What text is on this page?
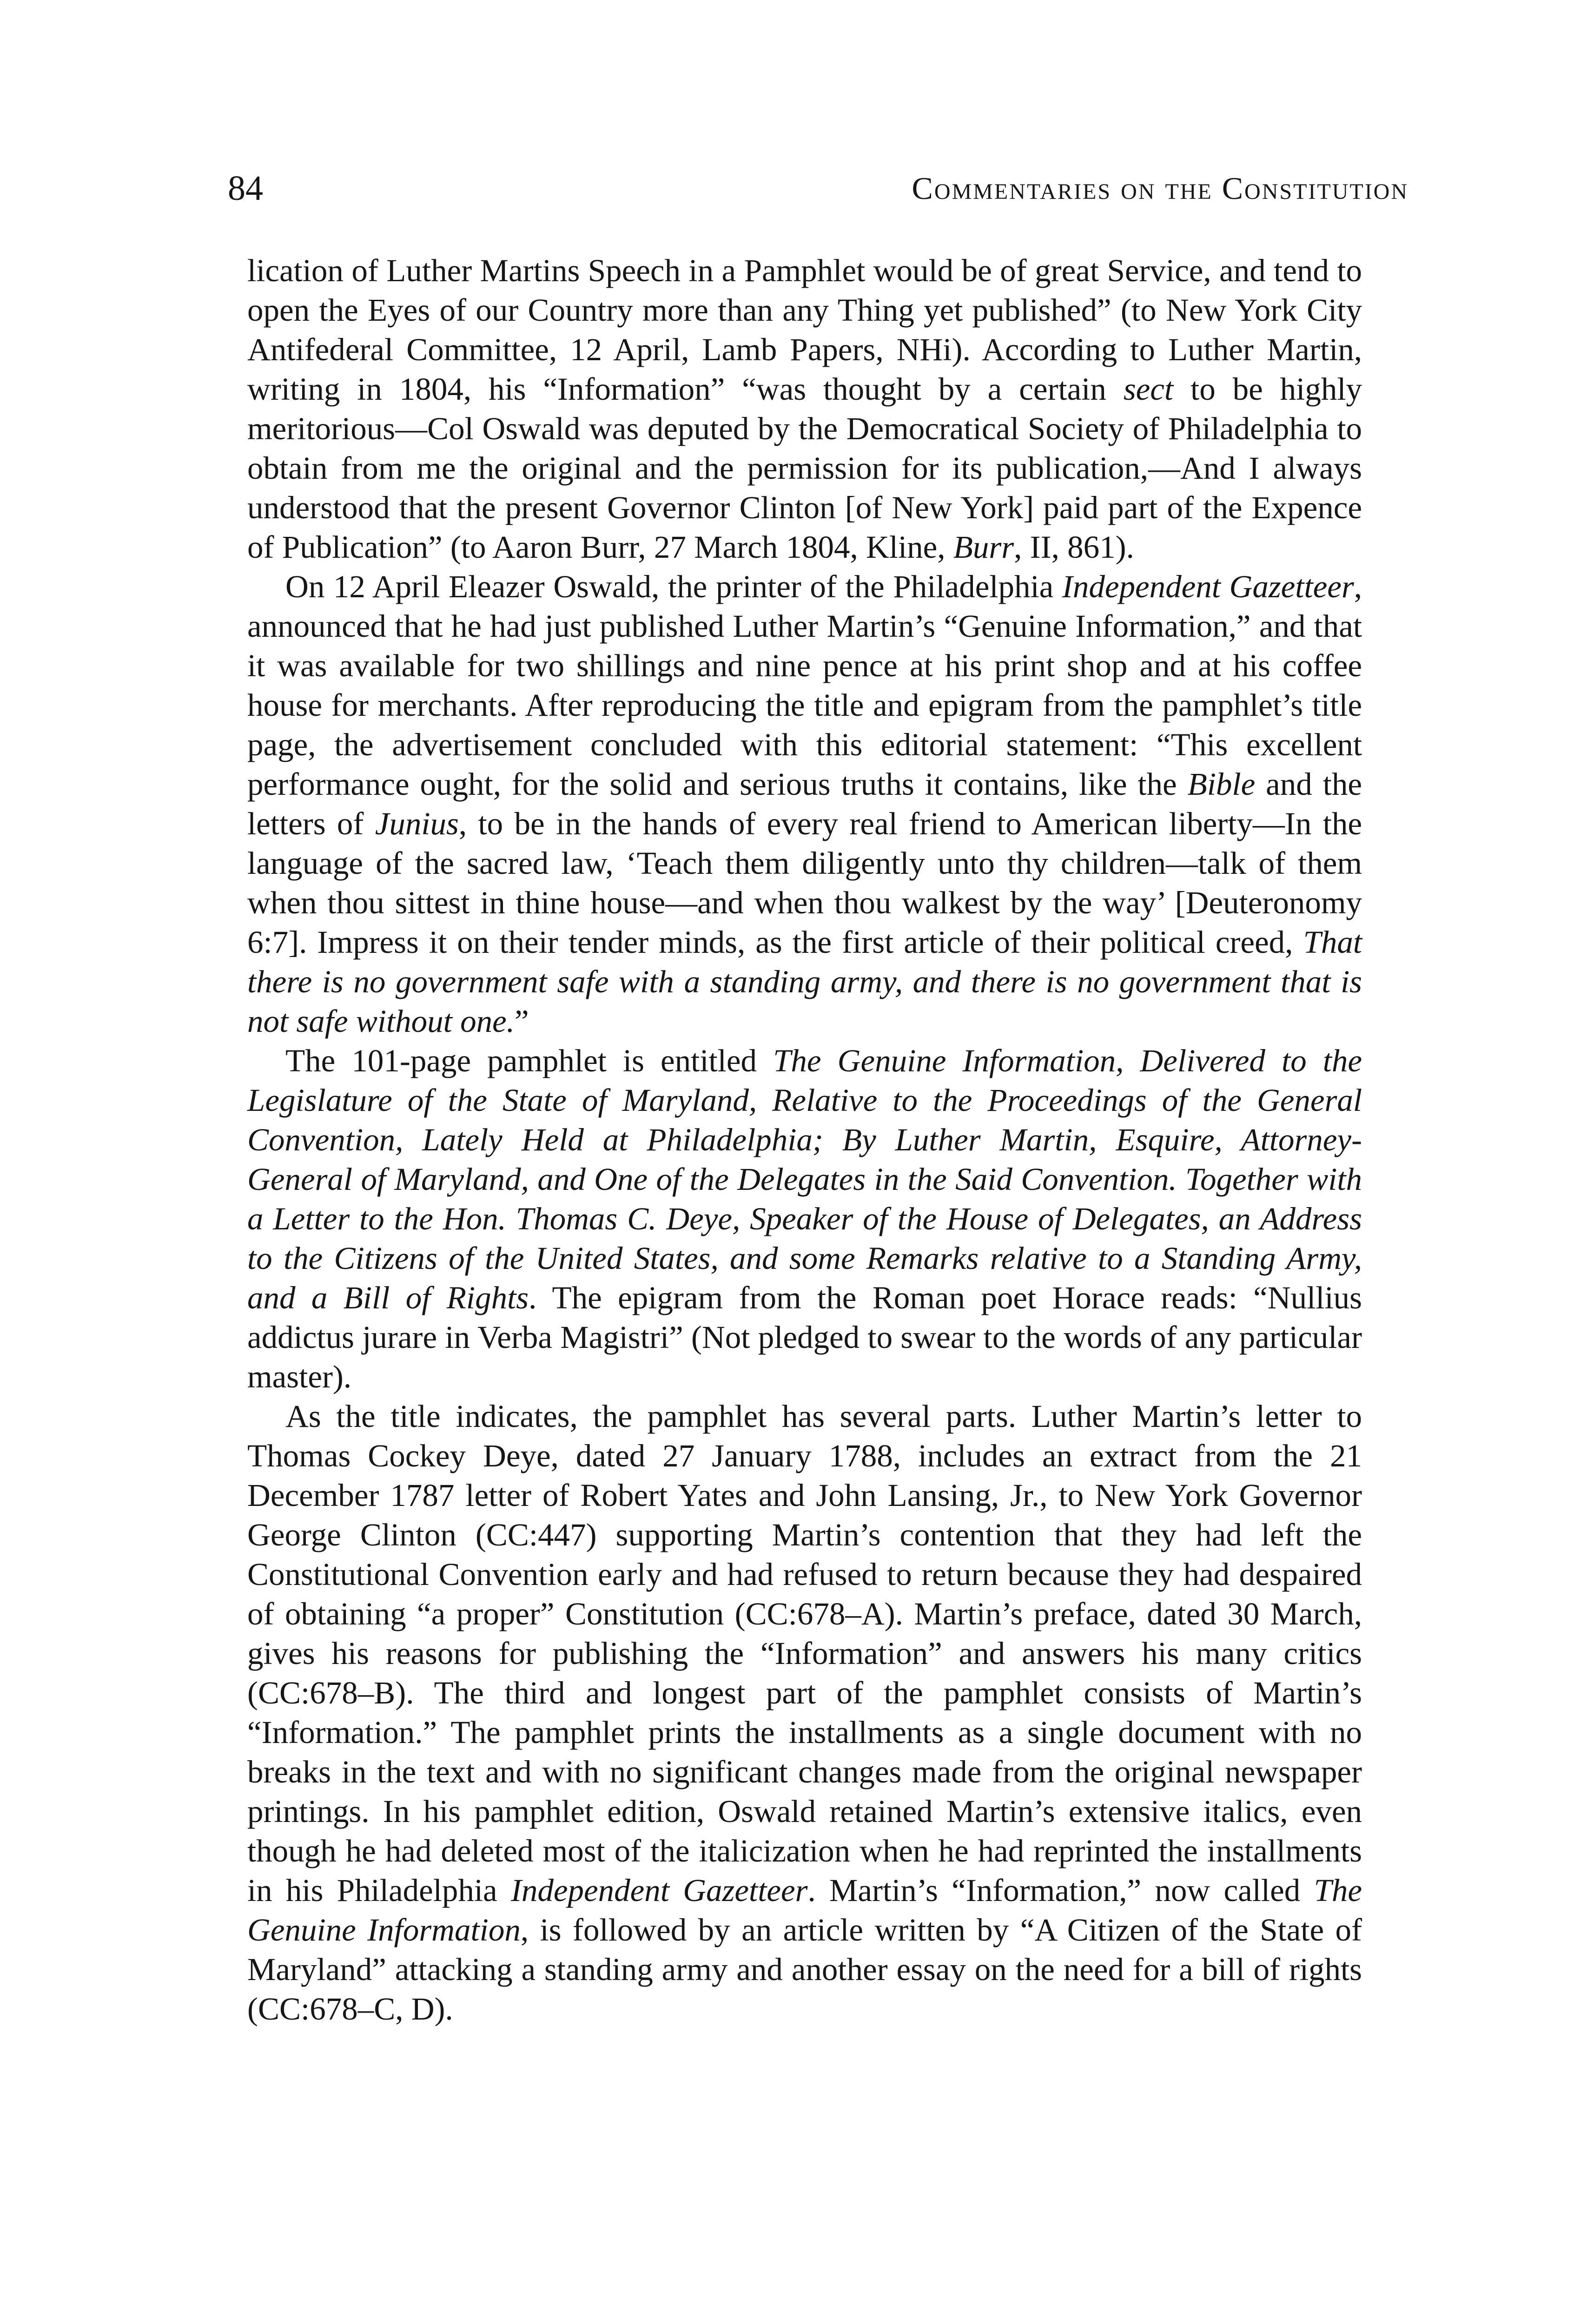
84	Commentaries on the Constitution

lication of Luther Martins Speech in a Pamphlet would be of great Service, and tend to open the Eyes of our Country more than any Thing yet published” (to New York City Antifederal Committee, 12 April, Lamb Papers, NHi). According to Luther Martin, writing in 1804, his “Information” “was thought by a certain sect to be highly meritorious—Col Oswald was deputed by the Democratical Society of Philadelphia to obtain from me the original and the permission for its publication,—And I always understood that the present Governor Clinton [of New York] paid part of the Expence of Publication” (to Aaron Burr, 27 March 1804, Kline, Burr, II, 861).

On 12 April Eleazer Oswald, the printer of the Philadelphia Independent Gazetteer, announced that he had just published Luther Martin’s “Genuine Information,” and that it was available for two shillings and nine pence at his print shop and at his coffee house for merchants. After reproducing the title and epigram from the pamphlet’s title page, the advertisement concluded with this editorial statement: “This excellent performance ought, for the solid and serious truths it contains, like the Bible and the letters of Junius, to be in the hands of every real friend to American liberty—In the language of the sacred law, ‘Teach them diligently unto thy children—talk of them when thou sittest in thine house—and when thou walkest by the way’ [Deuteronomy 6:7]. Impress it on their tender minds, as the first article of their political creed, That there is no government safe with a standing army, and there is no government that is not safe without one.”

The 101-page pamphlet is entitled The Genuine Information, Delivered to the Legislature of the State of Maryland, Relative to the Proceedings of the General Convention, Lately Held at Philadelphia; By Luther Martin, Esquire, Attorney-General of Maryland, and One of the Delegates in the Said Convention. Together with a Letter to the Hon. Thomas C. Deye, Speaker of the House of Delegates, an Address to the Citizens of the United States, and some Remarks relative to a Standing Army, and a Bill of Rights. The epigram from the Roman poet Horace reads: “Nullius addictus jurare in Verba Magistri” (Not pledged to swear to the words of any particular master).

As the title indicates, the pamphlet has several parts. Luther Martin’s letter to Thomas Cockey Deye, dated 27 January 1788, includes an extract from the 21 December 1787 letter of Robert Yates and John Lansing, Jr., to New York Governor George Clinton (CC:447) supporting Martin’s contention that they had left the Constitutional Convention early and had refused to return because they had despaired of obtaining “a proper” Constitution (CC:678–A). Martin’s preface, dated 30 March, gives his reasons for publishing the “Information” and answers his many critics (CC:678–B). The third and longest part of the pamphlet consists of Martin’s “Information.” The pamphlet prints the installments as a single document with no breaks in the text and with no significant changes made from the original newspaper printings. In his pamphlet edition, Oswald retained Martin’s extensive italics, even though he had deleted most of the italicization when he had reprinted the installments in his Philadelphia Independent Gazetteer. Martin’s “Information,” now called The Genuine Information, is followed by an article written by “A Citizen of the State of Maryland” attacking a standing army and another essay on the need for a bill of rights (CC:678–C, D).
